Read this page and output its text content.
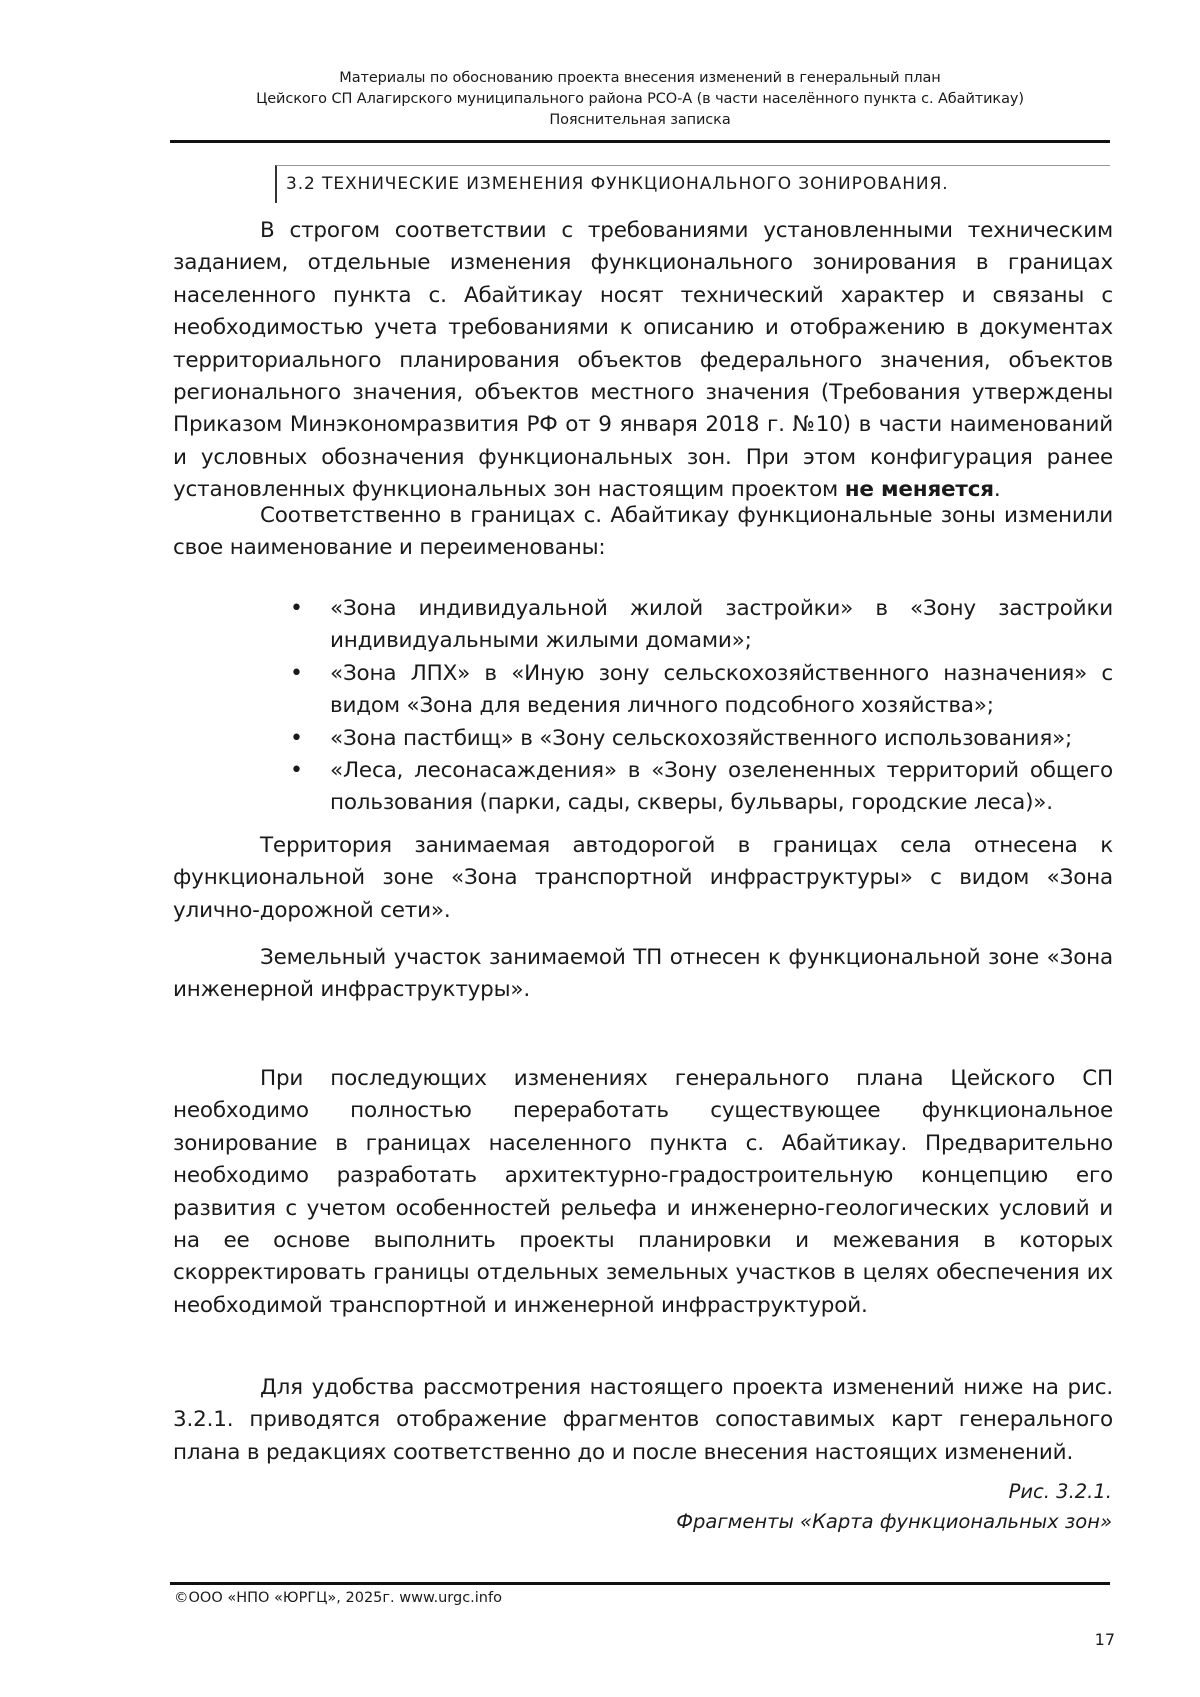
Материалы по обоснованию проекта внесения изменений в генеральный план
Цейского СП Алагирского муниципального района РСО-А (в части населённого пункта с. Абайтикау)
Пояснительная записка
3.2 ТЕХНИЧЕСКИЕ ИЗМЕНЕНИЯ ФУНКЦИОНАЛЬНОГО ЗОНИРОВАНИЯ.

В строгом соответствии с требованиями установленными техническим заданием, отдельные изменения функционального зонирования в границах населенного пункта с. Абайтикау носят технический характер и связаны с необходимостью учета требованиями к описанию и отображению в документах территориального планирования объектов федерального значения, объектов регионального значения, объектов местного значения (Требования утверждены Приказом Минэкономразвития РФ от 9 января 2018 г. №10) в части наименований и условных обозначения функциональных зон. При этом конфигурация ранее установленных функциональных зон настоящим проектом не меняется.

Соответственно в границах с. Абайтикау функциональные зоны изменили свое наименование и переименованы:

• «Зона индивидуальной жилой застройки» в «Зону застройки индивидуальными жилыми домами»;
• «Зона ЛПХ» в «Иную зону сельскохозяйственного назначения» с видом «Зона для ведения личного подсобного хозяйства»;
• «Зона пастбищ» в «Зону сельскохозяйственного использования»;
• «Леса, лесонасаждения» в «Зону озелененных территорий общего пользования (парки, сады, скверы, бульвары, городские леса)».

Территория занимаемая автодорогой в границах села отнесена к функциональной зоне «Зона транспортной инфраструктуры» с видом «Зона улично-дорожной сети».

Земельный участок занимаемой ТП отнесен к функциональной зоне «Зона инженерной инфраструктуры».

При последующих изменениях генерального плана Цейского СП необходимо полностью переработать существующее функциональное зонирование в границах населенного пункта с. Абайтикау. Предварительно необходимо разработать архитектурно-градостроительную концепцию его развития с учетом особенностей рельефа и инженерно-геологических условий и на ее основе выполнить проекты планировки и межевания в которых скорректировать границы отдельных земельных участков в целях обеспечения их необходимой транспортной и инженерной инфраструктурой.

Для удобства рассмотрения настоящего проекта изменений ниже на рис. 3.2.1. приводятся отображение фрагментов сопоставимых карт генерального плана в редакциях соответственно до и после внесения настоящих изменений.

Рис. 3.2.1.
Фрагменты «Карта функциональных зон»
©ООО «НПО «ЮРГЦ», 2025г. www.urgc.info
17
